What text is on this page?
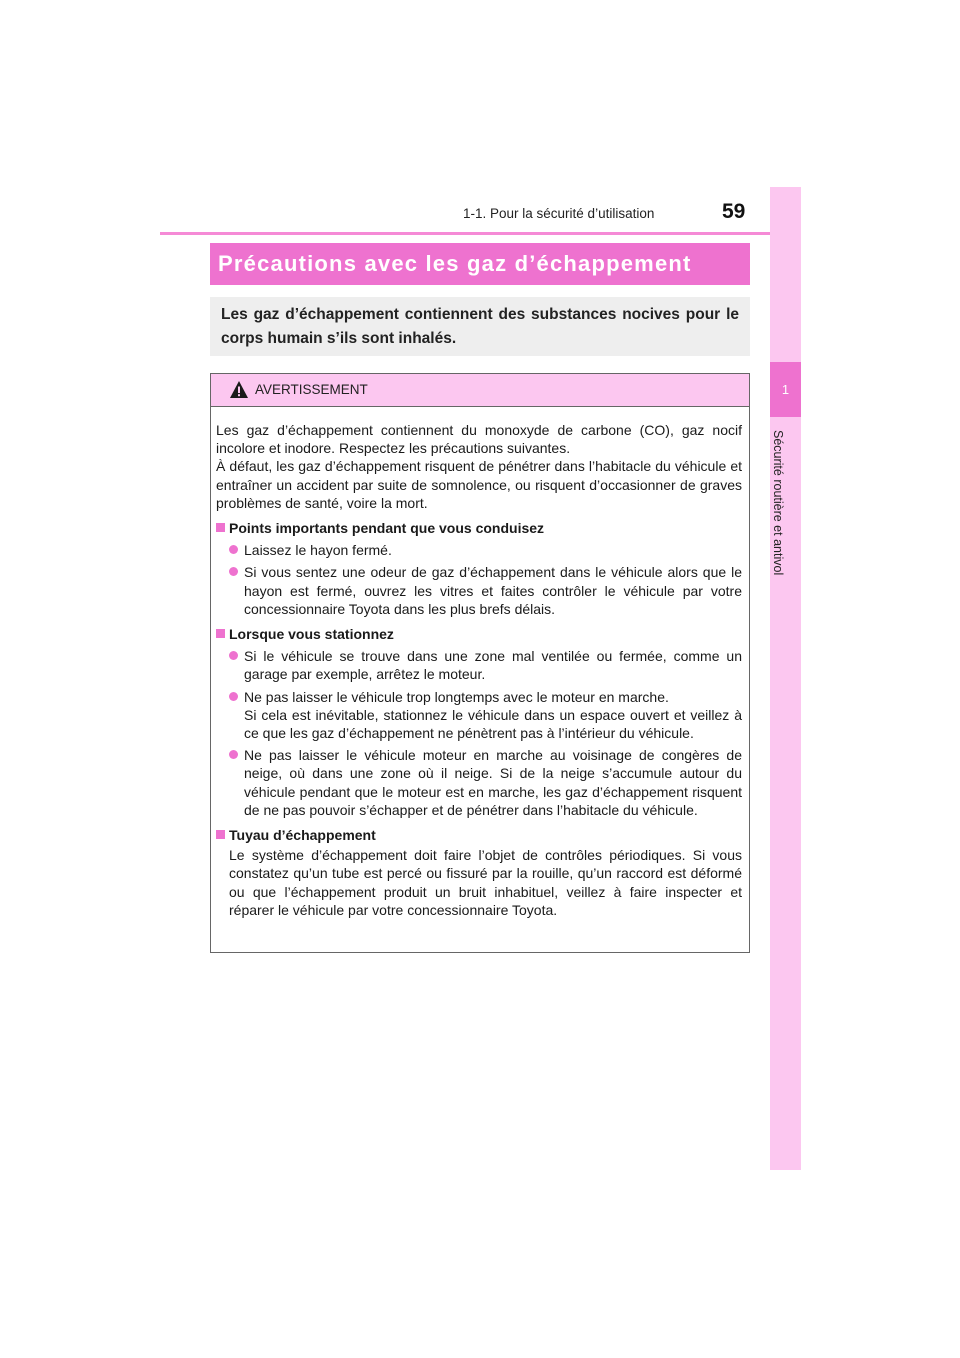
1-1. Pour la sécurité d’utilisation	59
1
Sécurité routière et antivol
Précautions avec les gaz d’échappement
Les gaz d’échappement contiennent des substances nocives pour le corps humain s’ils sont inhalés.
AVERTISSEMENT

Les gaz d’échappement contiennent du monoxyde de carbone (CO), gaz nocif incolore et inodore. Respectez les précautions suivantes.

À défaut, les gaz d’échappement risquent de pénétrer dans l’habitacle du véhicule et entraîner un accident par suite de somnolence, ou risquent d’occasionner de graves problèmes de santé, voire la mort.

Points importants pendant que vous conduisez
Laissez le hayon fermé.
Si vous sentez une odeur de gaz d’échappement dans le véhicule alors que le hayon est fermé, ouvrez les vitres et faites contrôler le véhicule par votre concessionnaire Toyota dans les plus brefs délais.
Lorsque vous stationnez
Si le véhicule se trouve dans une zone mal ventilée ou fermée, comme un garage par exemple, arrêtez le moteur.
Ne pas laisser le véhicule trop longtemps avec le moteur en marche.
Si cela est inévitable, stationnez le véhicule dans un espace ouvert et veillez à ce que les gaz d’échappement ne pénètrent pas à l’intérieur du véhicule.
Ne pas laisser le véhicule moteur en marche au voisinage de congères de neige, où dans une zone où il neige. Si de la neige s’accumule autour du véhicule pendant que le moteur est en marche, les gaz d’échappement risquent de ne pas pouvoir s’échapper et de pénétrer dans l’habitacle du véhicule.
Tuyau d’échappement
Le système d’échappement doit faire l’objet de contrôles périodiques. Si vous constatez qu’un tube est percé ou fissuré par la rouille, qu’un raccord est déformé ou que l’échappement produit un bruit inhabituel, veillez à faire inspecter et réparer le véhicule par votre concessionnaire Toyota.
